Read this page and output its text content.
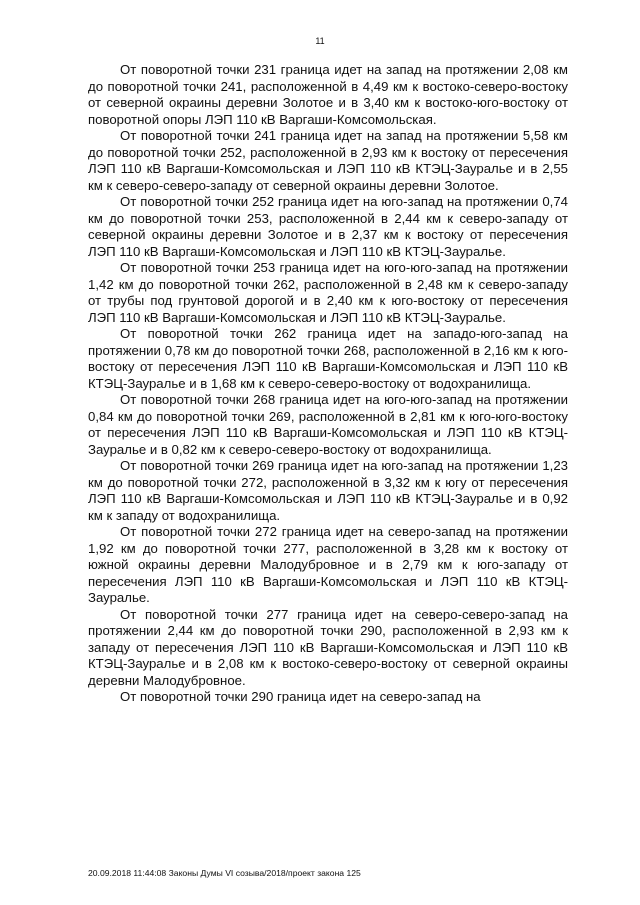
11

От поворотной точки 231 граница идет на запад на протяжении 2,08 км до поворотной точки 241, расположенной в 4,49 км к востоко-северо-востоку от северной окраины деревни Золотое и в 3,40 км к востоко-юго-востоку от поворотной опоры ЛЭП 110 кВ Варгаши-Комсомольская.

От поворотной точки 241 граница идет на запад на протяжении 5,58 км до поворотной точки 252, расположенной в 2,93 км к востоку от пересечения ЛЭП 110 кВ Варгаши-Комсомольская и ЛЭП 110 кВ КТЭЦ-Зауралье и в 2,55 км к северо-северо-западу от северной окраины деревни Золотое.

От поворотной точки 252 граница идет на юго-запад на протяжении 0,74 км до поворотной точки 253, расположенной в 2,44 км к северо-западу от северной окраины деревни Золотое и в 2,37 км к востоку от пересечения ЛЭП 110 кВ Варгаши-Комсомольская и ЛЭП 110 кВ КТЭЦ-Зауралье.

От поворотной точки 253 граница идет на юго-юго-запад на протяжении 1,42 км до поворотной точки 262, расположенной в 2,48 км к северо-западу от трубы под грунтовой дорогой и в 2,40 км к юго-востоку от пересечения ЛЭП 110 кВ Варгаши-Комсомольская и ЛЭП 110 кВ КТЭЦ-Зауралье.

От поворотной точки 262 граница идет на западо-юго-запад на протяжении 0,78 км до поворотной точки 268, расположенной в 2,16 км к юго-востоку от пересечения ЛЭП 110 кВ Варгаши-Комсомольская и ЛЭП 110 кВ КТЭЦ-Зауралье и в 1,68 км к северо-северо-востоку от водохранилища.

От поворотной точки 268 граница идет на юго-юго-запад на протяжении 0,84 км до поворотной точки 269, расположенной в 2,81 км к юго-юго-востоку от пересечения ЛЭП 110 кВ Варгаши-Комсомольская и ЛЭП 110 кВ КТЭЦ-Зауралье и в 0,82 км к северо-северо-востоку от водохранилища.

От поворотной точки 269 граница идет на юго-запад на протяжении 1,23 км до поворотной точки 272, расположенной в 3,32 км к югу от пересечения ЛЭП 110 кВ Варгаши-Комсомольская и ЛЭП 110 кВ КТЭЦ-Зауралье и в 0,92 км к западу от водохранилища.

От поворотной точки 272 граница идет на северо-запад на протяжении 1,92 км до поворотной точки 277, расположенной в 3,28 км к востоку от южной окраины деревни Малодубровное и в 2,79 км к юго-западу от пересечения ЛЭП 110 кВ Варгаши-Комсомольская и ЛЭП 110 кВ КТЭЦ-Зауралье.

От поворотной точки 277 граница идет на северо-северо-запад на протяжении 2,44 км до поворотной точки 290, расположенной в 2,93 км к западу от пересечения ЛЭП 110 кВ Варгаши-Комсомольская и ЛЭП 110 кВ КТЭЦ-Зауралье и в 2,08 км к востоко-северо-востоку от северной окраины деревни Малодубровное.

От поворотной точки 290 граница идет на северо-запад на

20.09.2018 11:44:08 Законы Думы VI созыва/2018/проект закона 125
